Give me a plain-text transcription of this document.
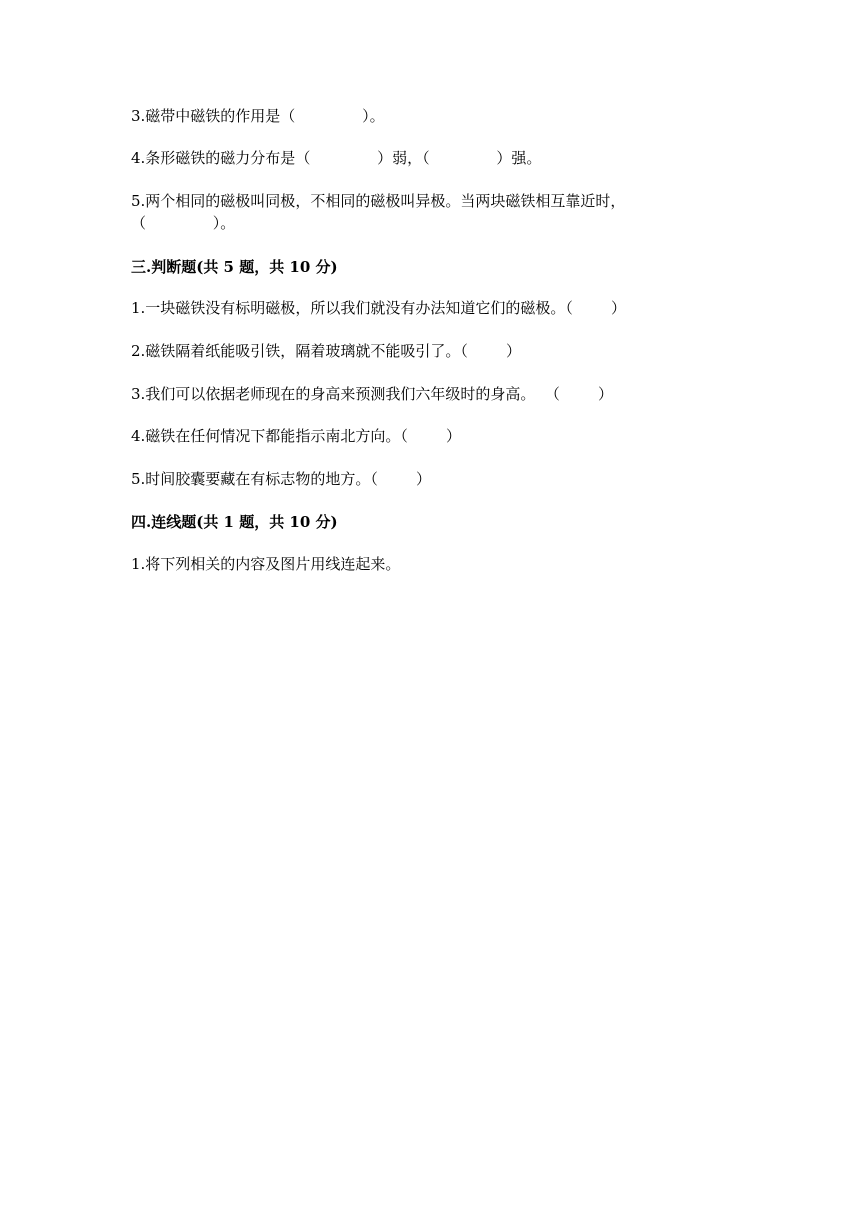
3.磁带中磁铁的作用是（              ）。
4.条形磁铁的磁力分布是（              ）弱，（              ）强。
5.两个相同的磁极叫同极，不相同的磁极叫异极。当两块磁铁相互靠近时，
（              ）。
三.判断题(共 5 题，共 10 分)
1.一块磁铁没有标明磁极，所以我们就没有办法知道它们的磁极。（        ）
2.磁铁隔着纸能吸引铁，隔着玻璃就不能吸引了。（        ）
3.我们可以依据老师现在的身高来预测我们六年级时的身高。  （        ）
4.磁铁在任何情况下都能指示南北方向。（        ）
5.时间胶囊要藏在有标志物的地方。（        ）
四.连线题(共 1 题，共 10 分)
1.将下列相关的内容及图片用线连起来。
